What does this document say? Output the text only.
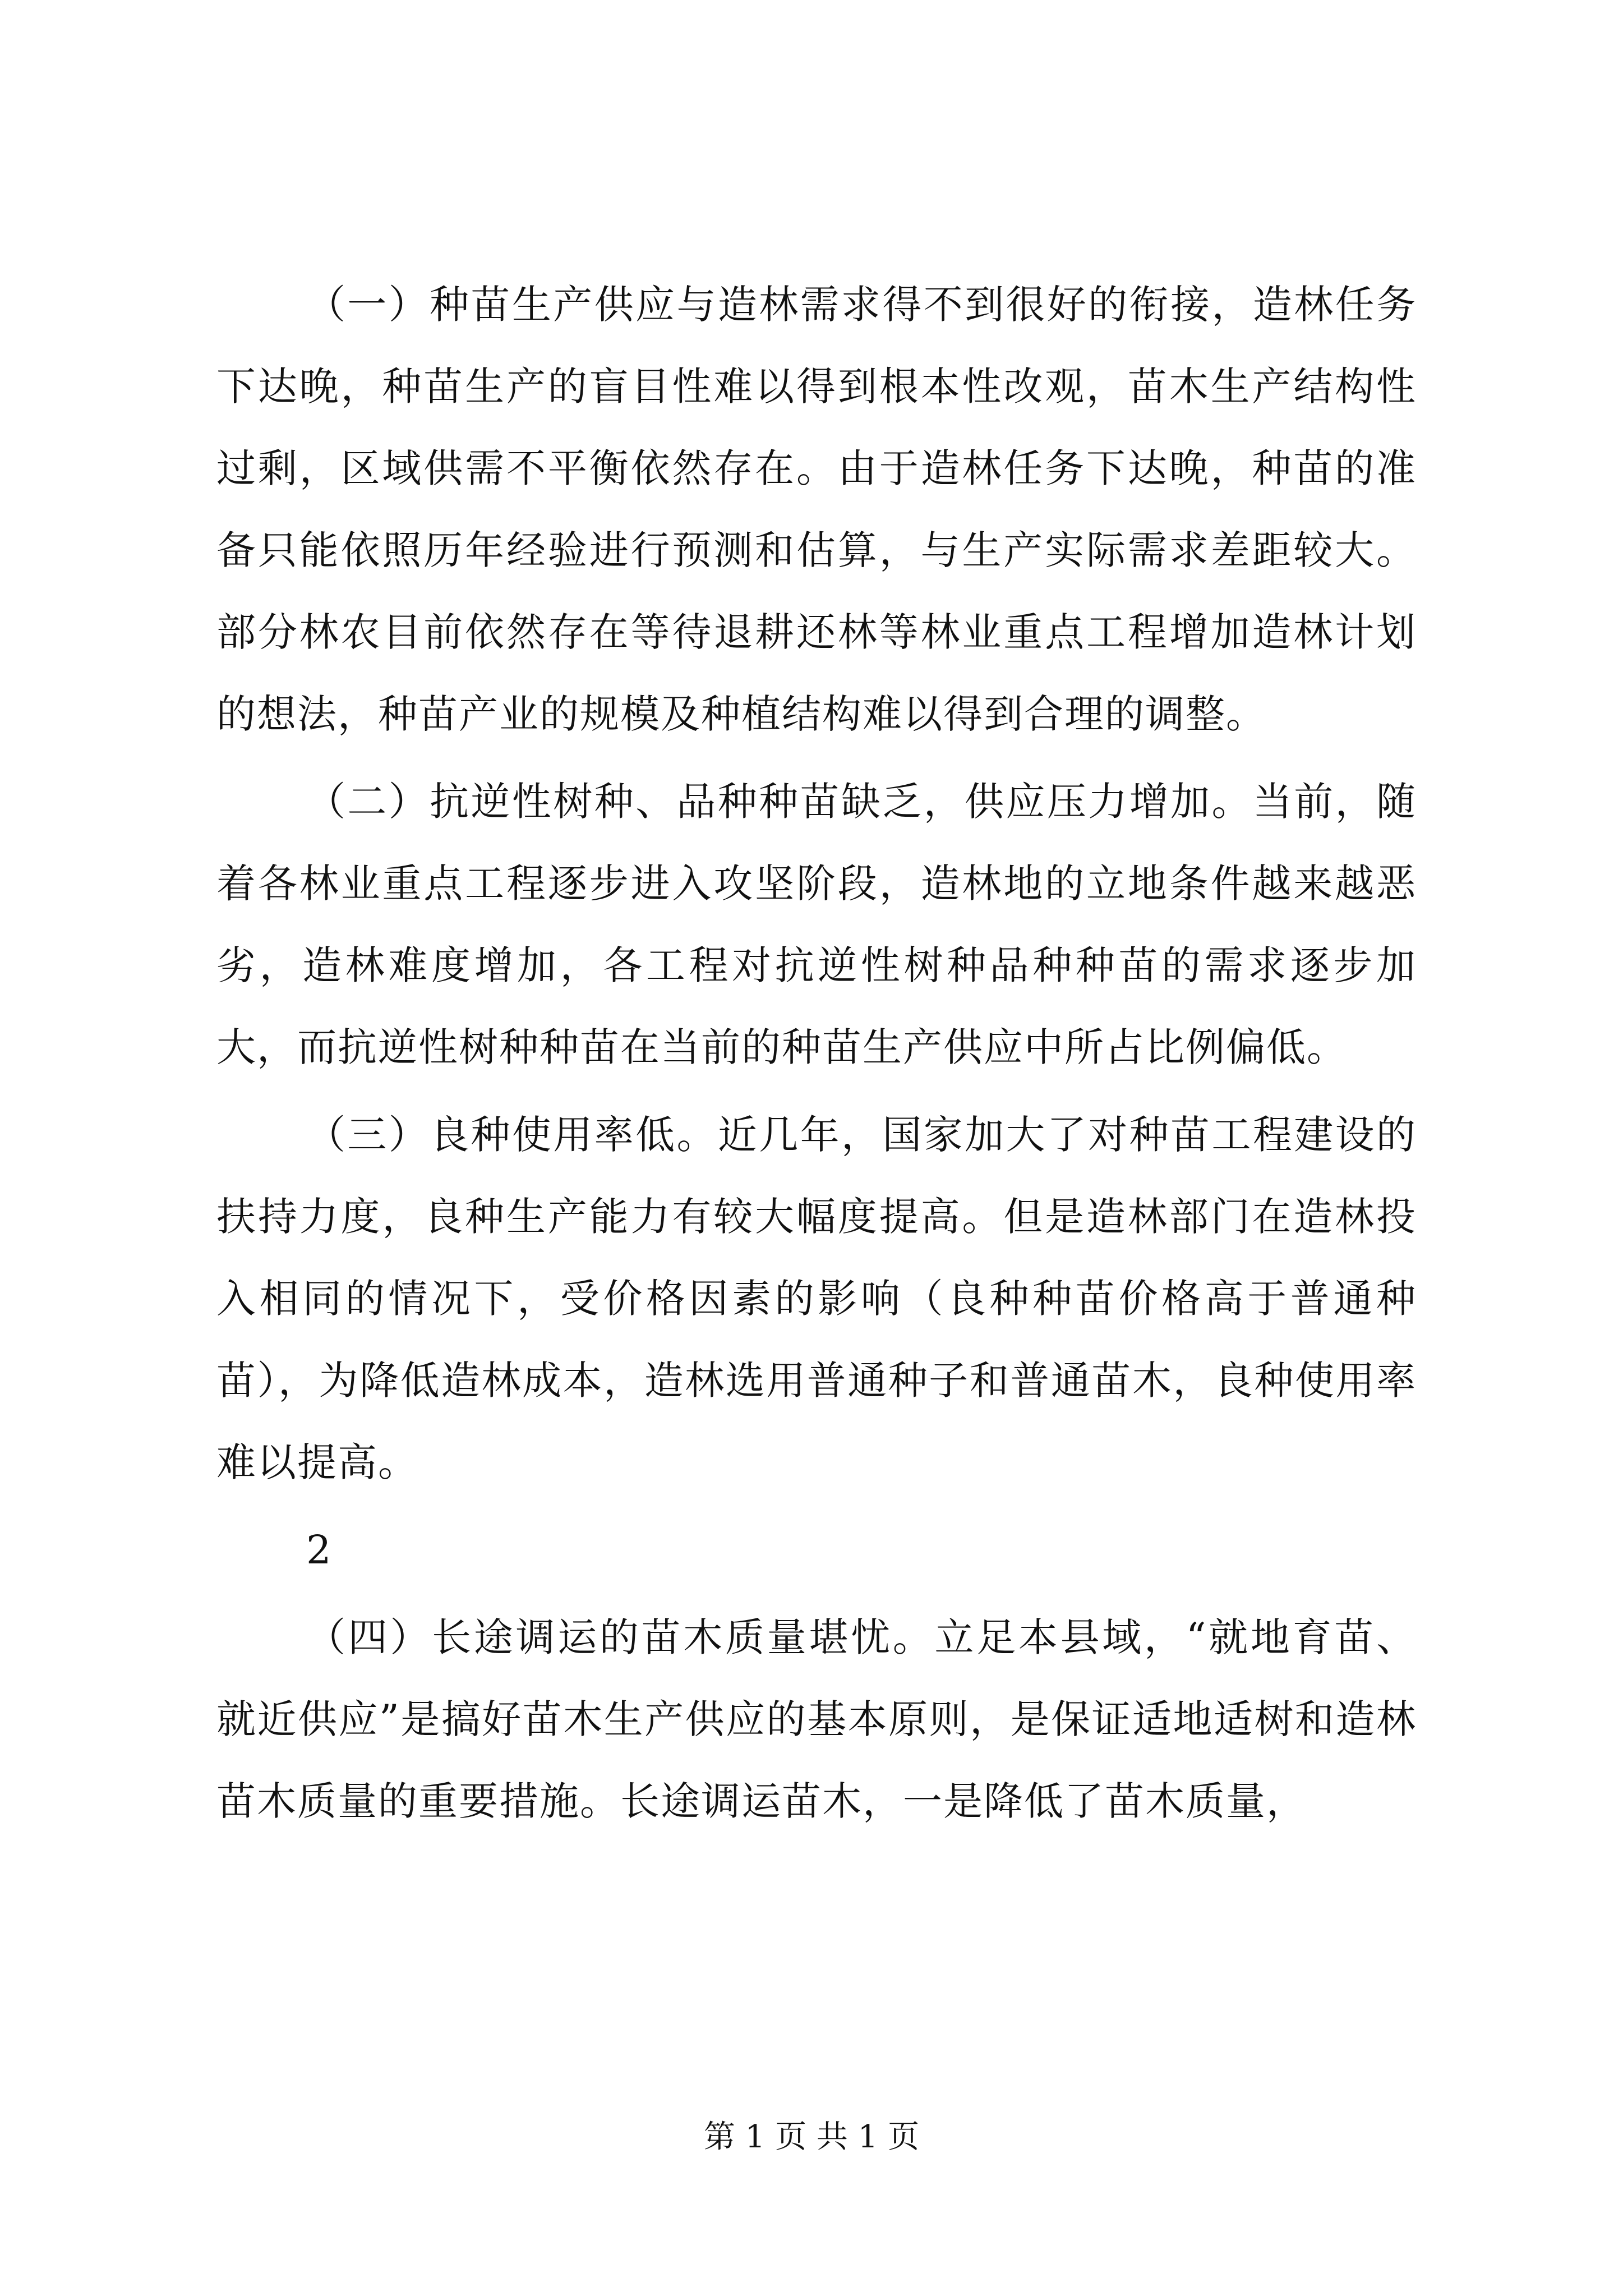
（一）种苗生产供应与造林需求得不到很好的衔接，造林任务下达晚，种苗生产的盲目性难以得到根本性改观，苗木生产结构性过剩，区域供需不平衡依然存在。由于造林任务下达晚，种苗的准备只能依照历年经验进行预测和估算，与生产实际需求差距较大。部分林农目前依然存在等待退耕还林等林业重点工程增加造林计划的想法，种苗产业的规模及种植结构难以得到合理的调整。

（二）抗逆性树种、品种种苗缺乏，供应压力增加。当前，随着各林业重点工程逐步进入攻坚阶段，造林地的立地条件越来越恶劣，造林难度增加，各工程对抗逆性树种品种种苗的需求逐步加大，而抗逆性树种种苗在当前的种苗生产供应中所占比例偏低。

（三）良种使用率低。近几年，国家加大了对种苗工程建设的扶持力度，良种生产能力有较大幅度提高。但是造林部门在造林投入相同的情况下，受价格因素的影响（良种种苗价格高于普通种苗），为降低造林成本，造林选用普通种子和普通苗木，良种使用率难以提高。

2

（四）长途调运的苗木质量堪忧。立足本县域，“就地育苗、就近供应”是搞好苗木生产供应的基本原则，是保证适地适树和造林苗木质量的重要措施。长途调运苗木，一是降低了苗木质量，

第 1 页 共 1 页
